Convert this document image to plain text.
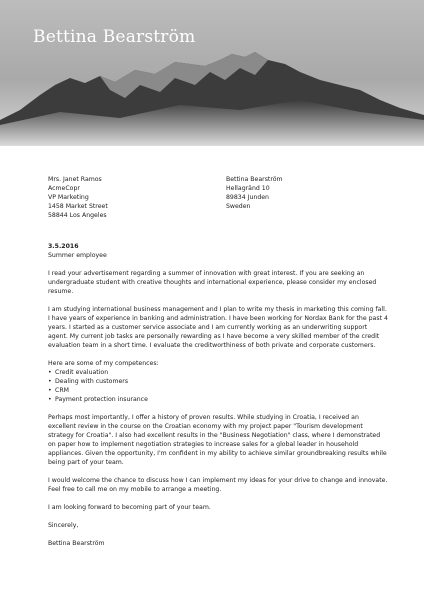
Bettina Bearström
Mrs. Janet Ramos
AcmeCopr
VP Marketing
1458 Market Street
58844 Los Angeles
Bettina Bearström
Hellagränd 10
89834 Junden
Sweden
3.5.2016
Summer employee

I read your advertisement regarding a summer of innovation with great interest. If you are seeking an undergraduate student with creative thoughts and international experience, please consider my enclosed resume.

I am studying international business management and I plan to write my thesis in marketing this coming fall. I have years of experience in banking and administration. I have been working for Nordax Bank for the past 4 years. I started as a customer service associate and I am currently working as an underwriting support agent. My current job tasks are personally rewarding as I have become a very skilled member of the credit evaluation team in a short time. I evaluate the creditworthiness of both private and corporate customers.

Here are some of my competences:

• Credit evaluation
• Dealing with customers
• CRM
• Payment protection insurance

Perhaps most importantly, I offer a history of proven results. While studying in Croatia, I received an excellent review in the course on the Croatian economy with my project paper "Tourism development strategy for Croatia". I also had excellent results in the "Business Negotiation" class, where I demonstrated on paper how to implement negotiation strategies to increase sales for a global leader in household appliances. Given the opportunity, I'm confident in my ability to achieve similar groundbreaking results while being part of your team.

I would welcome the chance to discuss how I can implement my ideas for your drive to change and innovate. Feel free to call me on my mobile to arrange a meeting.

I am looking forward to becoming part of your team.

Sincerely,
Bettina Bearström
